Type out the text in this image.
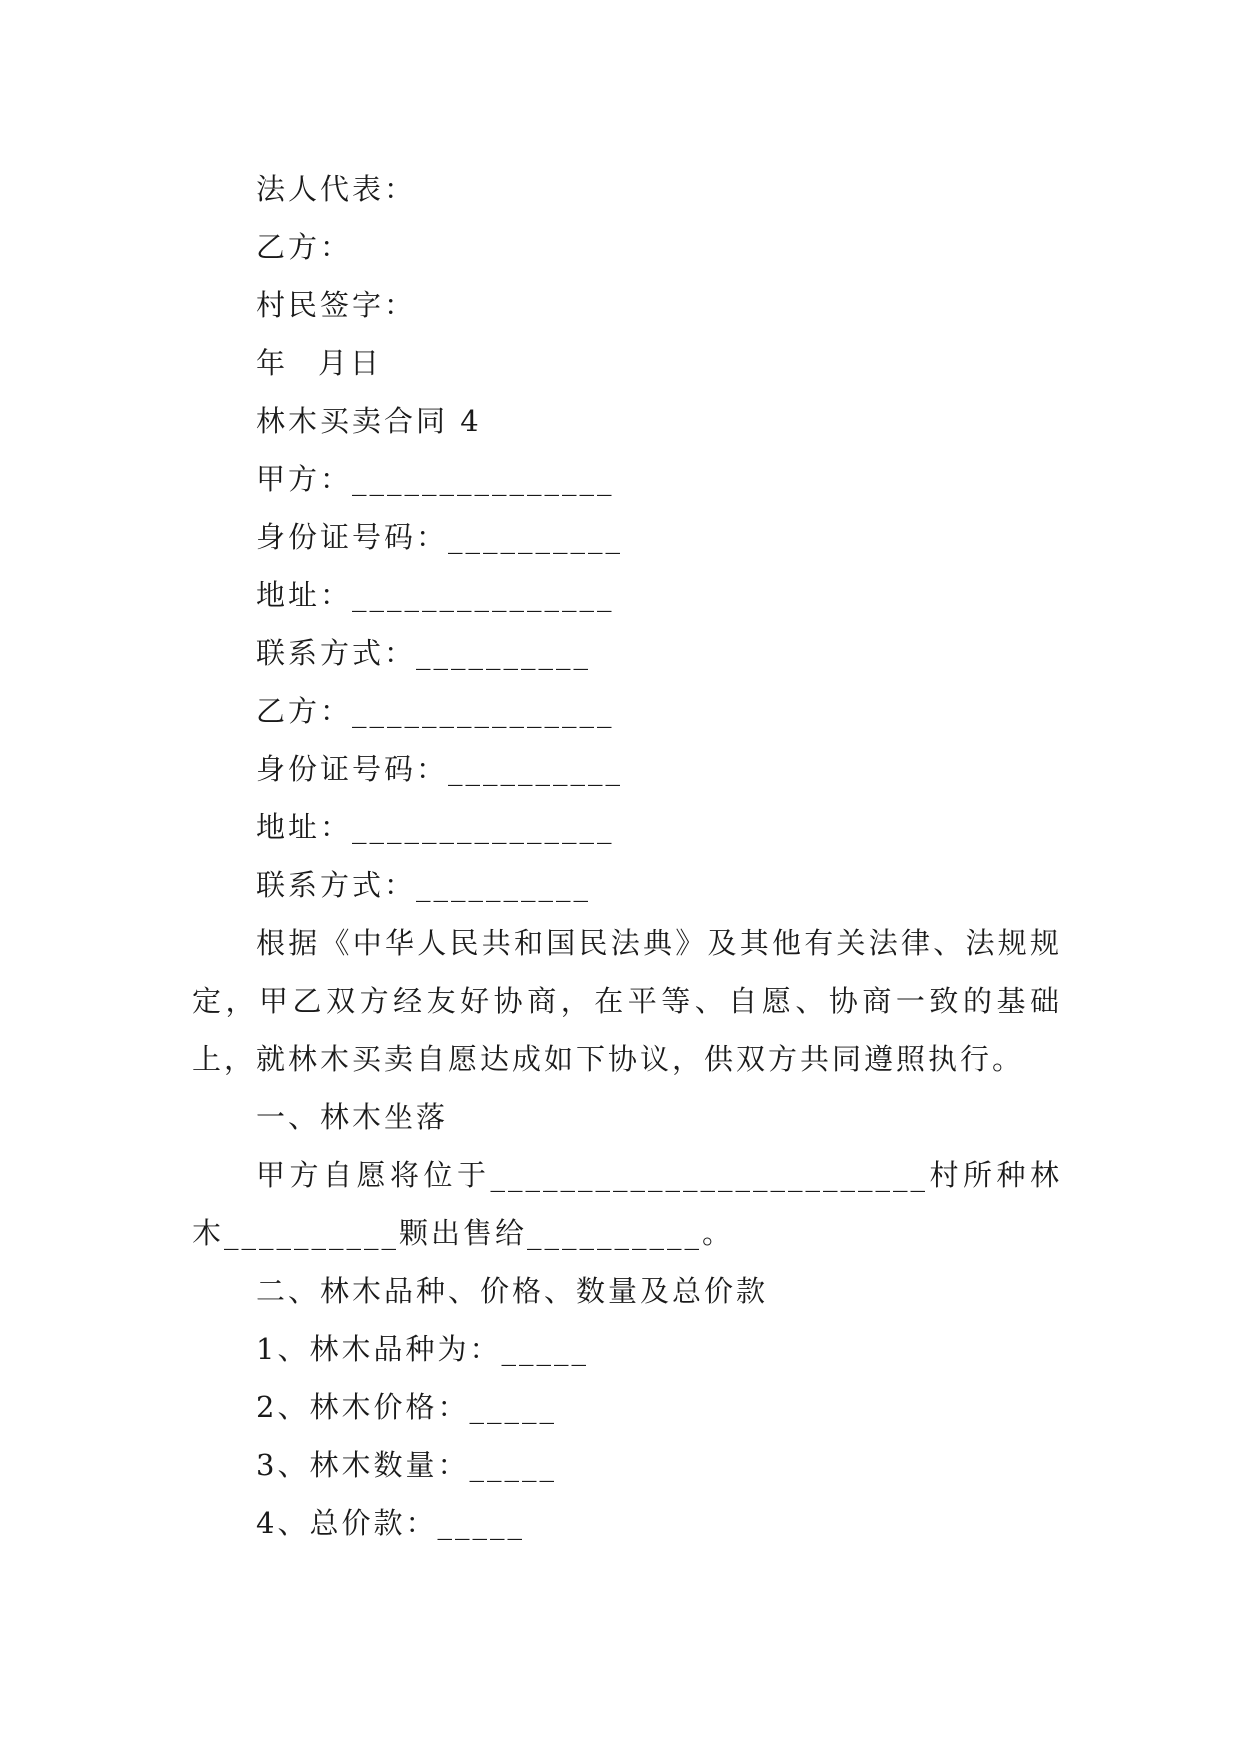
法人代表：
乙方：
村民签字：
年 月日
林木买卖合同 4
甲方：_______________
身份证号码：__________
地址：_______________
联系方式：__________
乙方：_______________
身份证号码：__________
地址：_______________
联系方式：__________
根据《中华人民共和国民法典》及其他有关法律、法规规定，甲乙双方经友好协商，在平等、自愿、协商一致的基础上，就林木买卖自愿达成如下协议，供双方共同遵照执行。
一、林木坐落
甲方自愿将位于_________________________村所种林木__________颗出售给__________。
二、林木品种、价格、数量及总价款
1、林木品种为：_____
2、林木价格：_____
3、林木数量：_____
4、总价款：_____
